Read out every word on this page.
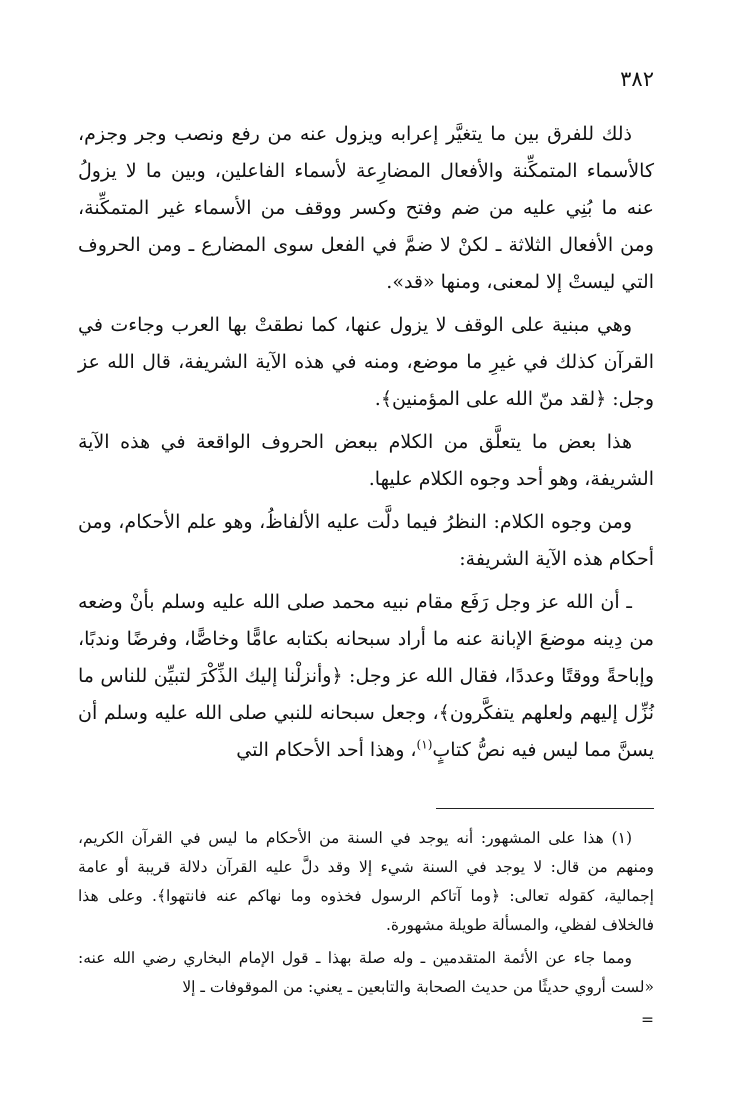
٣٨٢

ذلك للفرق بين ما يتغيَّر إعرابه ويزول عنه من رفع ونصب وجر وجزم، كالأسماء المتمكِّنة والأفعال المضارِعة لأسماء الفاعلين، وبين ما لا يزولُ عنه ما بُنِي عليه من ضم وفتح وكسر ووقف من الأسماء غير المتمكِّنة، ومن الأفعال الثلاثة ـ لكنْ لا ضمَّ في الفعل سوى المضارع ـ ومن الحروف التي ليستْ إلا لمعنى، ومنها «قد».

وهي مبنية على الوقف لا يزول عنها، كما نطقتْ بها العرب وجاءت في القرآن كذلك في غيرِ ما موضع، ومنه في هذه الآية الشريفة، قال الله عز وجل: ﴿لقد منّ الله على المؤمنين﴾.

هذا بعض ما يتعلَّق من الكلام ببعض الحروف الواقعة في هذه الآية الشريفة، وهو أحد وجوه الكلام عليها.

ومن وجوه الكلام: النظرُ فيما دلَّت عليه الألفاظُ، وهو علم الأحكام، ومن أحكام هذه الآية الشريفة:

ـ أن الله عز وجل رَفَع مقام نبيه محمد صلى الله عليه وسلم بأنْ وضعه من دِينه موضعَ الإبانة عنه ما أراد سبحانه بكتابه عامًّا وخاصًّا، وفرضًا وندبًا، وإباحةً ووقتًا وعددًا، فقال الله عز وجل: ﴿وأنزلْنا إليك الذِّكْرَ لتبيِّن للناس ما نُزِّل إليهم ولعلهم يتفكَّرون﴾، وجعل سبحانه للنبي صلى الله عليه وسلم أن يسنَّ مما ليس فيه نصُّ كتابٍ$^{(١)}$، وهذا أحد الأحكام التي

(١) هذا على المشهور: أنه يوجد في السنة من الأحكام ما ليس في القرآن الكريم، ومنهم من قال: لا يوجد في السنة شيء إلا وقد دلَّ عليه القرآن دلالة قريبة أو عامة إجمالية، كقوله تعالى: ﴿وما آتاكم الرسول فخذوه وما نهاكم عنه فانتهوا﴾. وعلى هذا فالخلاف لفظي، والمسألة طويلة مشهورة.

ومما جاء عن الأئمة المتقدمين ـ وله صلة بهذا ـ قول الإمام البخاري رضي الله عنه: «لست أروي حديثًا من حديث الصحابة والتابعين ـ يعني: من الموقوفات ـ إلا

=
